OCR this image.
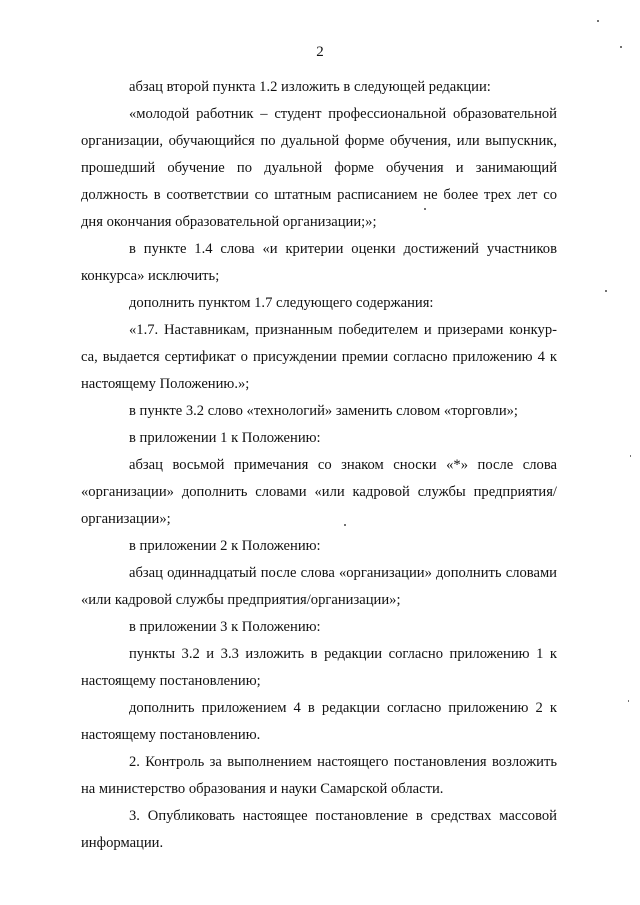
2

абзац второй пункта 1.2 изложить в следующей редакции:

«молодой работник – студент профессиональной образовательной организации, обучающийся по дуальной форме обучения, или выпускник, прошедший обучение по дуальной форме обучения и занимающий должность в соответствии со штатным расписанием не более трех лет со дня окончания образовательной организации;»;

в пункте 1.4 слова «и критерии оценки достижений участников конкурса» исключить;

дополнить пунктом 1.7 следующего содержания:

«1.7. Наставникам, признанным победителем и призерами конкур-са, выдается сертификат о присуждении премии согласно приложению 4 к настоящему Положению.»;

в пункте 3.2 слово «технологий» заменить словом «торговли»;

в приложении 1 к Положению:

абзац восьмой примечания со знаком сноски «*» после слова «организации» дополнить словами «или кадровой службы предприятия/организации»;

в приложении 2 к Положению:

абзац одиннадцатый после слова «организации» дополнить словами «или кадровой службы предприятия/организации»;

в приложении 3 к Положению:

пункты 3.2 и 3.3 изложить в редакции согласно приложению 1 к настоящему постановлению;

дополнить приложением 4 в редакции согласно приложению 2 к настоящему постановлению.

2. Контроль за выполнением настоящего постановления возложить на министерство образования и науки Самарской области.

3. Опубликовать настоящее постановление в средствах массовой информации.
